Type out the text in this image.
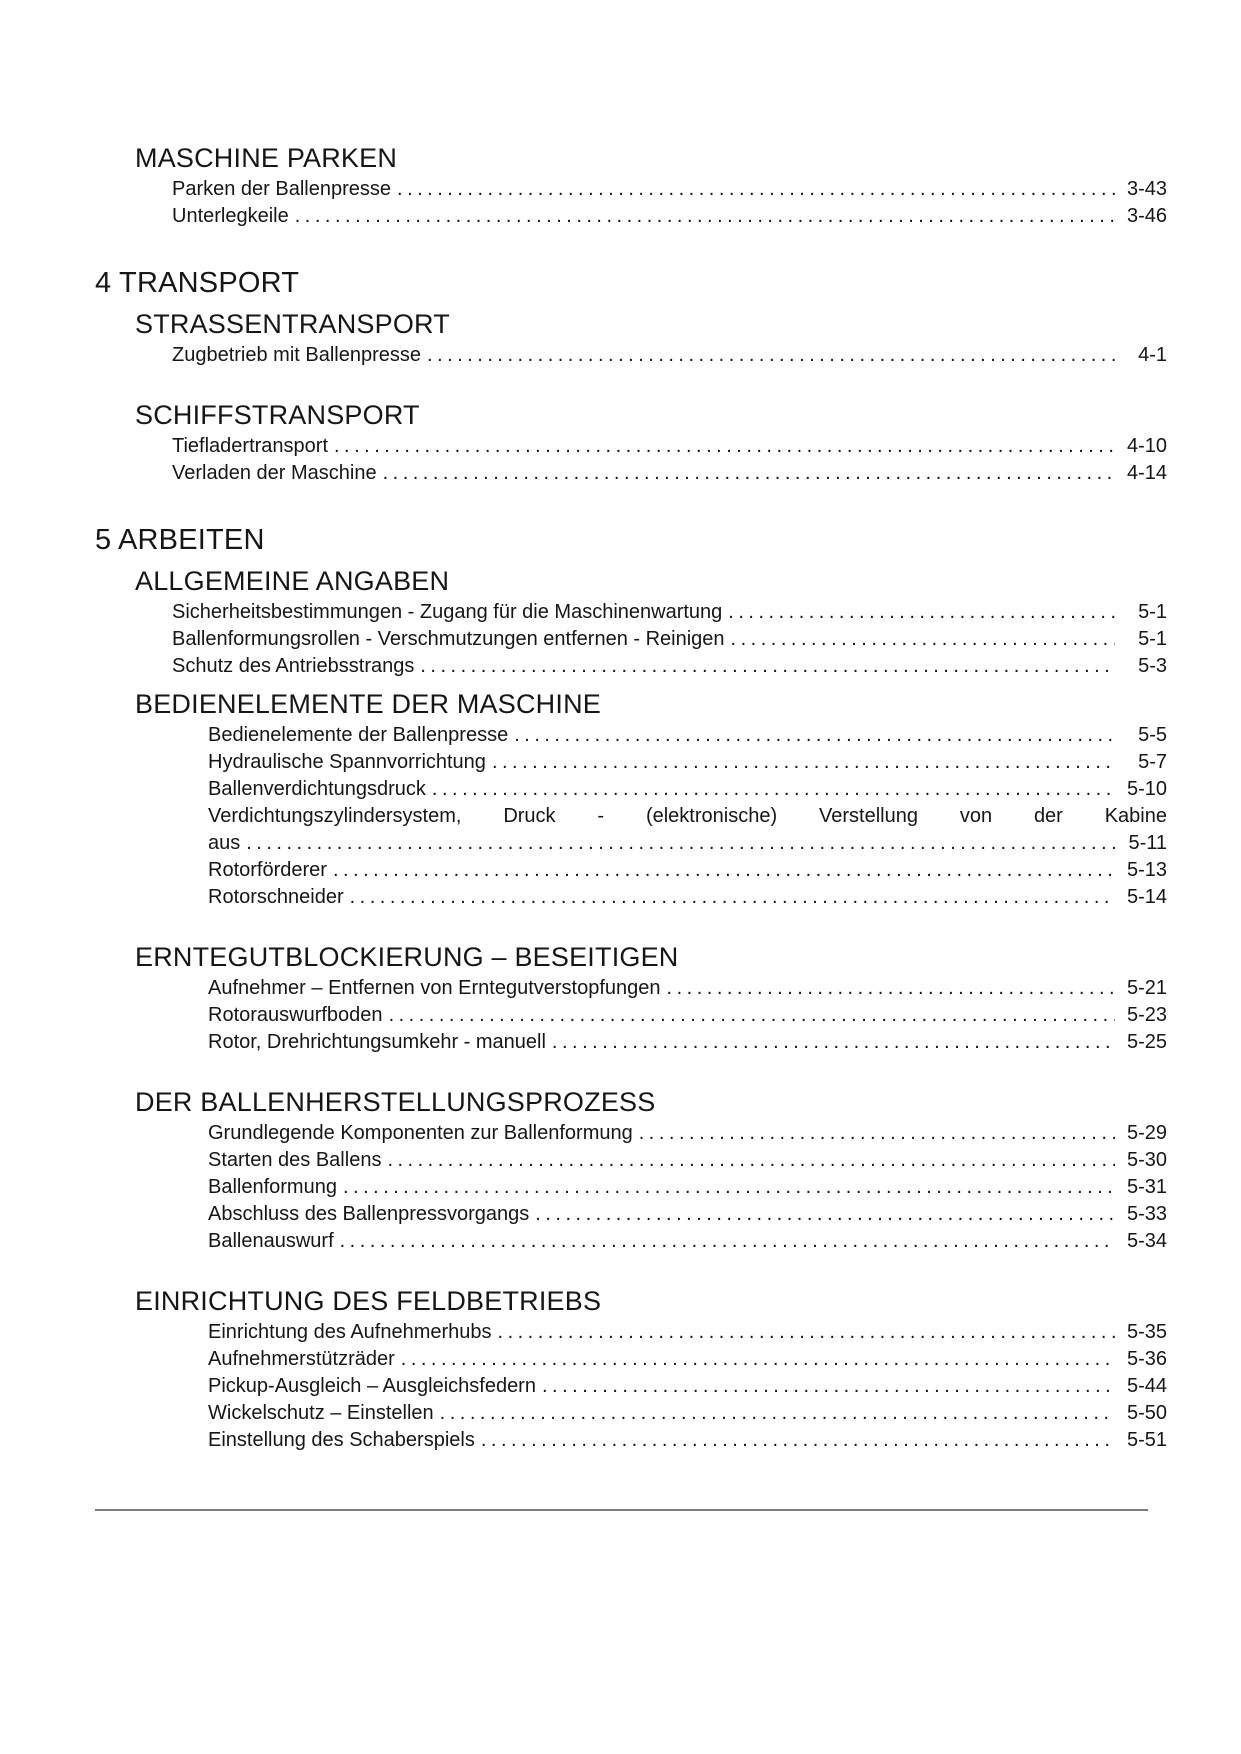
MASCHINE PARKEN
Parken der Ballenpresse .....	3-43
Unterlegkeile .....	3-46
4 TRANSPORT
STRASSENTRANSPORT
Zugbetrieb mit Ballenpresse .....	4-1
SCHIFFSTRANSPORT
Tiefladertransport .....	4-10
Verladen der Maschine .....	4-14
5 ARBEITEN
ALLGEMEINE ANGABEN
Sicherheitsbestimmungen - Zugang für die Maschinenwartung .....	5-1
Ballenformungsrollen - Verschmutzungen entfernen - Reinigen .....	5-1
Schutz des Antriebsstrangs .....	5-3
BEDIENELEMENTE DER MASCHINE
Bedienelemente der Ballenpresse .....	5-5
Hydraulische Spannvorrichtung .....	5-7
Ballenverdichtungsdruck .....	5-10
Verdichtungszylindersystem, Druck - (elektronische) Verstellung von der Kabine
aus .....	5-11
Rotorförderer .....	5-13
Rotorschneider .....	5-14
ERNTEGUTBLOCKIERUNG – BESEITIGEN
Aufnehmer – Entfernen von Erntegutverstopfungen .....	5-21
Rotorauswurfboden .....	5-23
Rotor, Drehrichtungsumkehr - manuell .....	5-25
DER BALLENHERSTELLUNGSPROZESS
Grundlegende Komponenten zur Ballenformung .....	5-29
Starten des Ballens .....	5-30
Ballenformung .....	5-31
Abschluss des Ballenpressvorgangs .....	5-33
Ballenauswurf .....	5-34
EINRICHTUNG DES FELDBETRIEBS
Einrichtung des Aufnehmerhubs .....	5-35
Aufnehmerstützräder .....	5-36
Pickup-Ausgleich – Ausgleichsfedern .....	5-44
Wickelschutz – Einstellen .....	5-50
Einstellung des Schaberspiels .....	5-51
